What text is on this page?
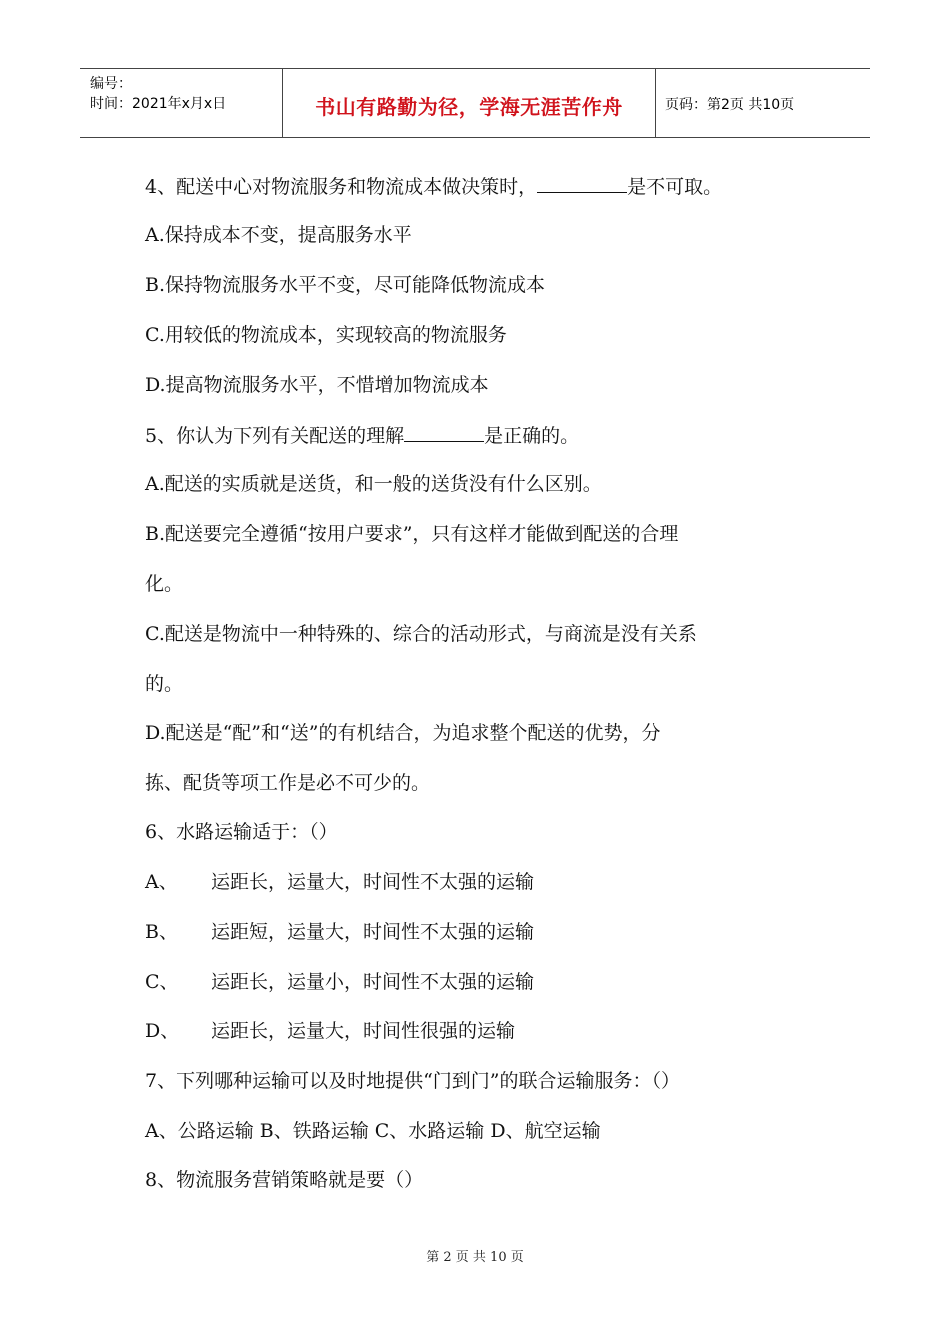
编号：
时间：2021年x月x日	书山有路勤为径，学海无涯苦作舟	页码：第2页 共10页
4、配送中心对物流服务和物流成本做决策时，	是不可取。
A.保持成本不变，提高服务水平
B.保持物流服务水平不变，尽可能降低物流成本
C.用较低的物流成本，实现较高的物流服务
D.提高物流服务水平，不惜增加物流成本
5、你认为下列有关配送的理解	是正确的。
A.配送的实质就是送货，和一般的送货没有什么区别。
B.配送要完全遵循“按用户要求”，只有这样才能做到配送的合理
化。
C.配送是物流中一种特殊的、综合的活动形式，与商流是没有关系
的。
D.配送是“配”和“送”的有机结合，为追求整个配送的优势，分
拣、配货等项工作是必不可少的。
6、水路运输适于：（）
A、 运距长，运量大，时间性不太强的运输
B、 运距短，运量大，时间性不太强的运输
C、 运距长，运量小，时间性不太强的运输
D、 运距长，运量大，时间性很强的运输
7、下列哪种运输可以及时地提供“门到门”的联合运输服务：（）
A、公路运输 B、铁路运输 C、水路运输 D、航空运输
8、物流服务营销策略就是要（）
第 2 页 共 10 页
